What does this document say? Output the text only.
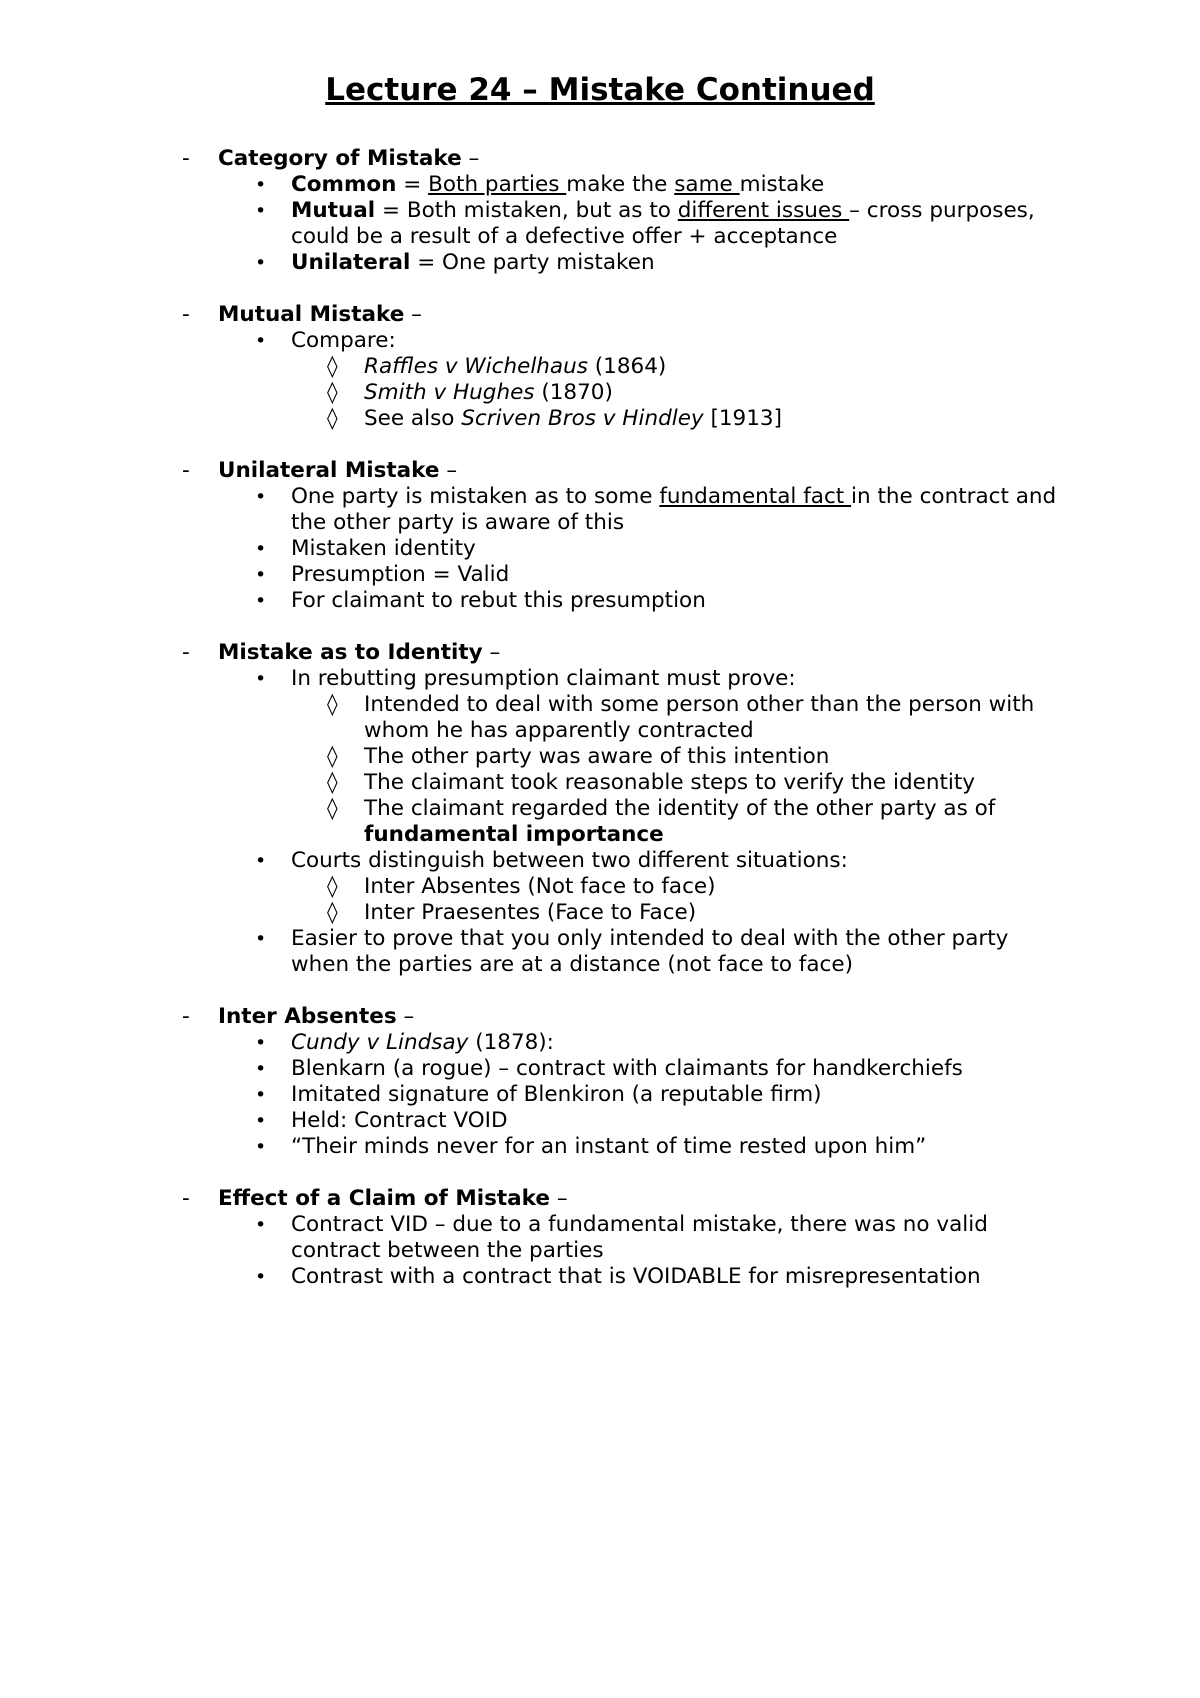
Lecture 24 – Mistake Continued
- Category of Mistake –
• Common = Both parties make the same mistake
• Mutual = Both mistaken, but as to different issues – cross purposes, could be a result of a defective offer + acceptance
• Unilateral = One party mistaken
- Mutual Mistake –
• Compare:
◊ Raffles v Wichelhaus (1864)
◊ Smith v Hughes (1870)
◊ See also Scriven Bros v Hindley [1913]
- Unilateral Mistake –
• One party is mistaken as to some fundamental fact in the contract and the other party is aware of this
• Mistaken identity
• Presumption = Valid
• For claimant to rebut this presumption
- Mistake as to Identity –
• In rebutting presumption claimant must prove:
◊ Intended to deal with some person other than the person with whom he has apparently contracted
◊ The other party was aware of this intention
◊ The claimant took reasonable steps to verify the identity
◊ The claimant regarded the identity of the other party as of fundamental importance
• Courts distinguish between two different situations:
◊ Inter Absentes (Not face to face)
◊ Inter Praesentes (Face to Face)
• Easier to prove that you only intended to deal with the other party when the parties are at a distance (not face to face)
- Inter Absentes –
• Cundy v Lindsay (1878):
• Blenkarn (a rogue) – contract with claimants for handkerchiefs
• Imitated signature of Blenkiron (a reputable firm)
• Held: Contract VOID
• “Their minds never for an instant of time rested upon him”
- Effect of a Claim of Mistake –
• Contract VID – due to a fundamental mistake, there was no valid contract between the parties
• Contrast with a contract that is VOIDABLE for misrepresentation
